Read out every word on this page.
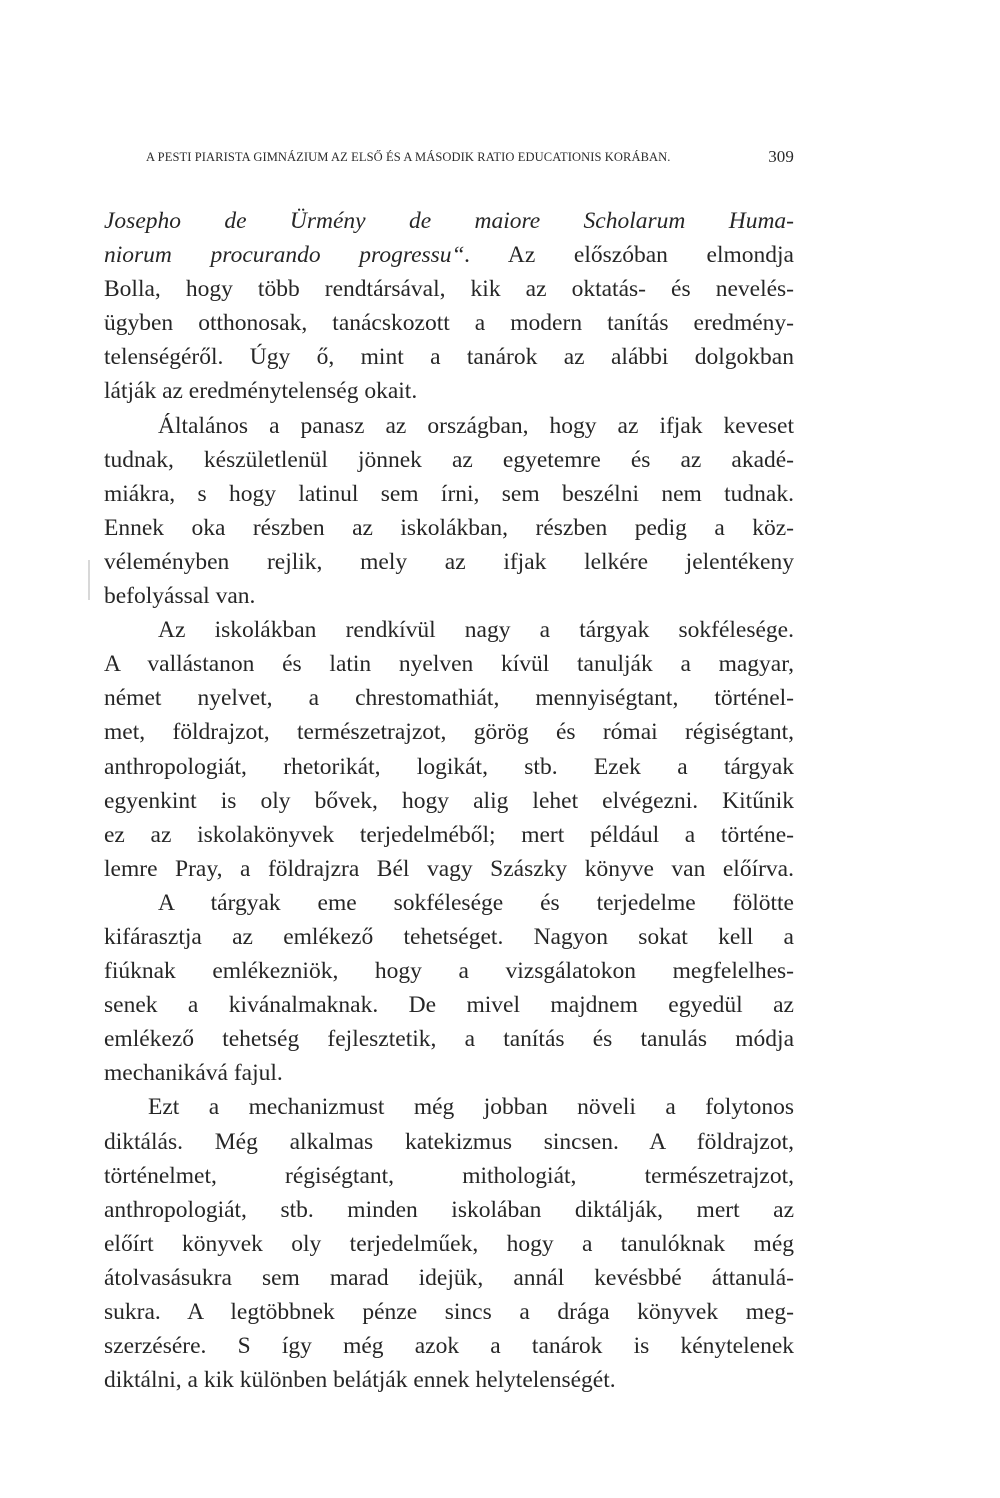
A PESTI PIARISTA GIMNÁZIUM AZ ELSŐ ÉS A MÁSODIK RATIO EDUCATIONIS KORÁBAN.	309
Josepho de Ürmény de maiore Scholarum Huma-
niorum procurando progressu“. Az előszóban elmondja
Bolla, hogy több rendtársával, kik az oktatás- és nevelés-
ügyben otthonosak, tanácskozott a modern tanítás eredmény-
telenségéről. Úgy ő, mint a tanárok az alábbi dolgokban
látják az eredménytelenség okait.
Általános a panasz az országban, hogy az ifjak keveset
tudnak, készületlenül jönnek az egyetemre és az akadé-
miákra, s hogy latinul sem írni, sem beszélni nem tudnak.
Ennek oka részben az iskolákban, részben pedig a köz-
véleményben rejlik, mely az ifjak lelkére jelentékeny
befolyással van.
Az iskolákban rendkívül nagy a tárgyak sokfélesége.
A vallástanon és latin nyelven kívül tanulják a magyar,
német nyelvet, a chrestomathiát, mennyiségtant, történel-
met, földrajzot, természetrajzot, görög és római régiségtant,
anthropologiát, rhetorikát, logikát, stb. Ezek a tárgyak
egyenkint is oly bővek, hogy alig lehet elvégezni. Kitűnik
ez az iskolakönyvek terjedelméből; mert például a történe-
lemre Pray, a földrajzra Bél vagy Szászky könyve van előírva.
A tárgyak eme sokfélesége és terjedelme fölötte
kifárasztja az emlékező tehetséget. Nagyon sokat kell a
fiúknak emlékezniök, hogy a vizsgálatokon megfelelhes-
senek a kivánalmaknak. De mivel majdnem egyedül az
emlékező tehetség fejlesztetik, a tanítás és tanulás módja
mechanikává fajul.
Ezt a mechanizmust még jobban növeli a folytonos
diktálás. Még alkalmas katekizmus sincsen. A földrajzot,
történelmet, régiségtant, mithologiát, természetrajzot,
anthropologiát, stb. minden iskolában diktálják, mert az
előírt könyvek oly terjedelműek, hogy a tanulóknak még
átolvasásukra sem marad idejük, annál kevésbbé áttanulá-
sukra. A legtöbbnek pénze sincs a drága könyvek meg-
szerzésére. S így még azok a tanárok is kénytelenek
diktálni, a kik különben belátják ennek helytelenségét.
